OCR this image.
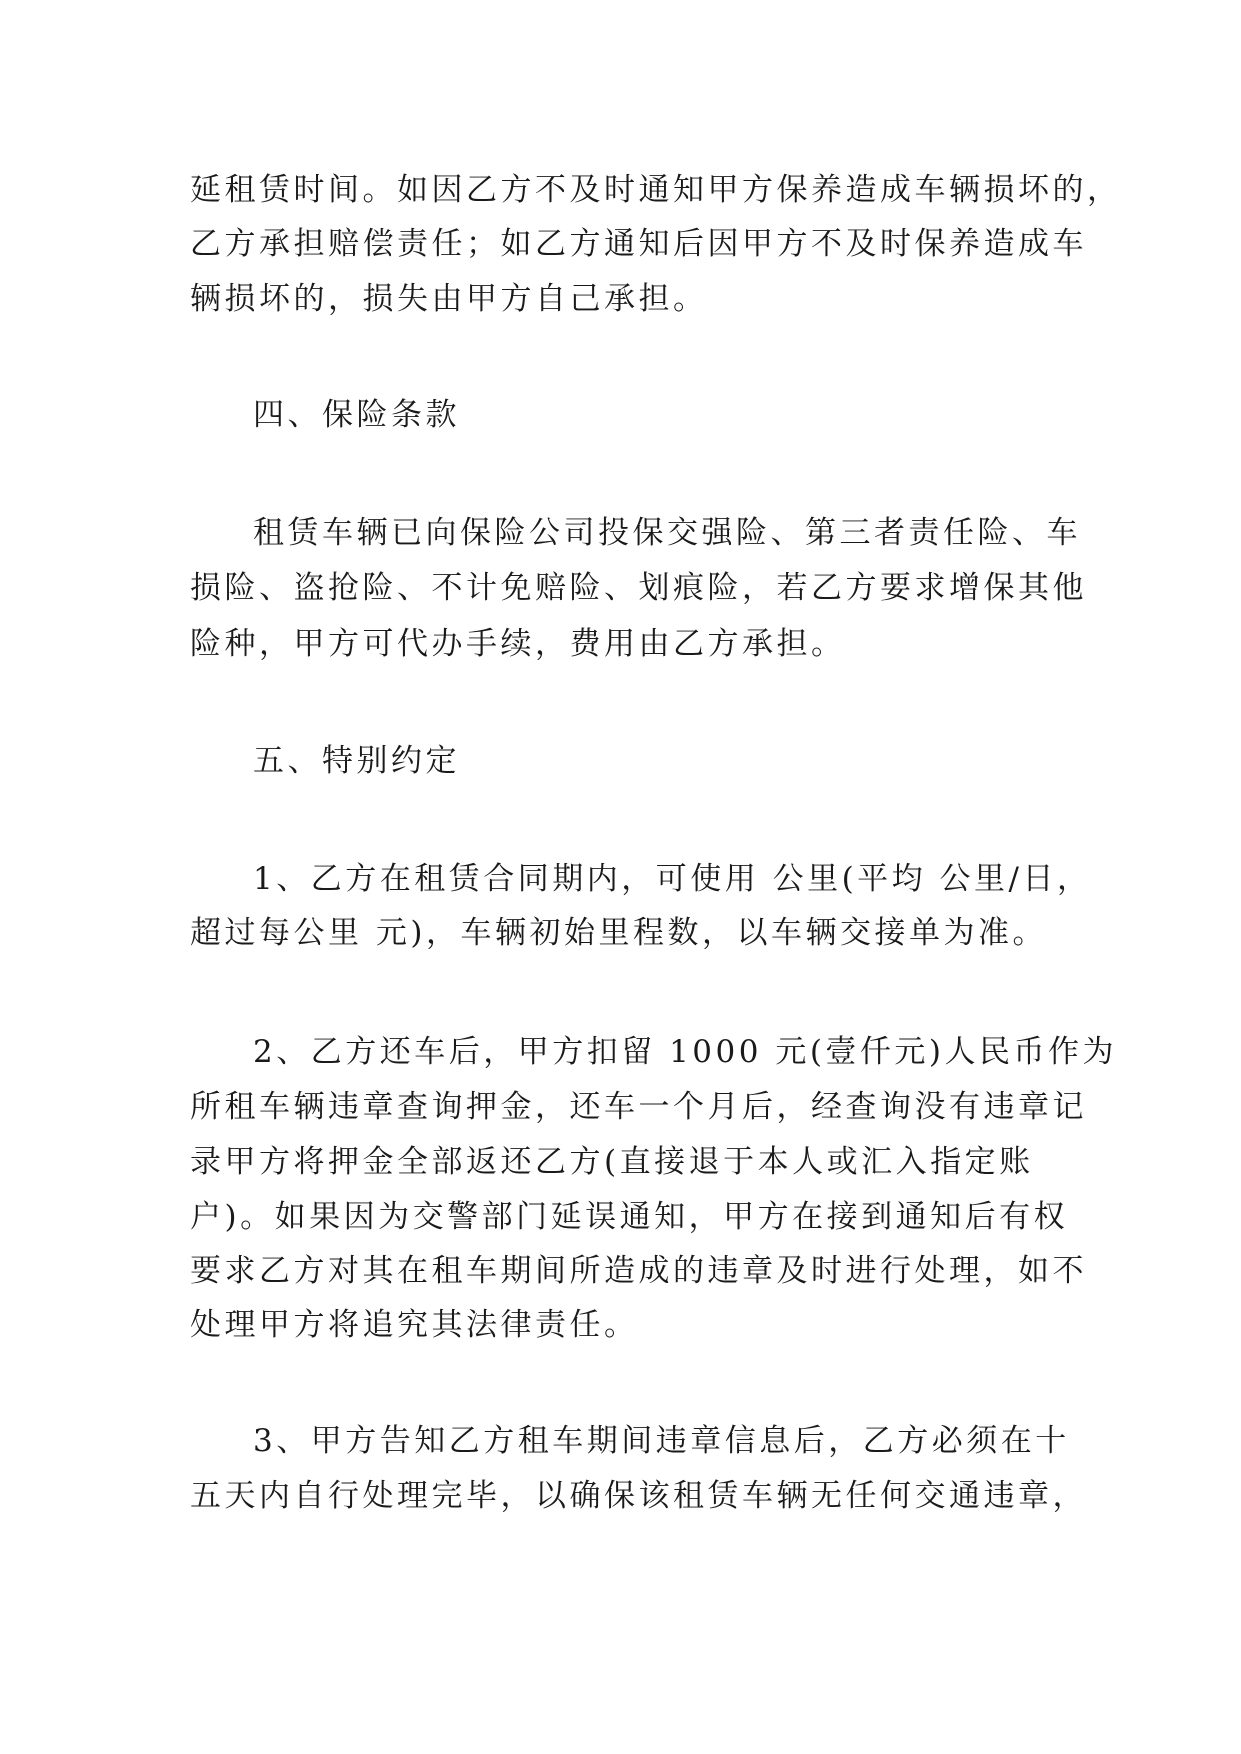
延租赁时间。如因乙方不及时通知甲方保养造成车辆损坏的，
乙方承担赔偿责任；如乙方通知后因甲方不及时保养造成车
辆损坏的，损失由甲方自己承担。
四、保险条款
租赁车辆已向保险公司投保交强险、第三者责任险、车
损险、盗抢险、不计免赔险、划痕险，若乙方要求增保其他
险种，甲方可代办手续，费用由乙方承担。
五、特别约定
1、乙方在租赁合同期内，可使用 公里(平均 公里/日，
超过每公里 元)，车辆初始里程数，以车辆交接单为准。
2、乙方还车后，甲方扣留 1000 元(壹仟元)人民币作为
所租车辆违章查询押金，还车一个月后，经查询没有违章记
录甲方将押金全部返还乙方(直接退于本人或汇入指定账
户)。如果因为交警部门延误通知，甲方在接到通知后有权
要求乙方对其在租车期间所造成的违章及时进行处理，如不
处理甲方将追究其法律责任。
3、甲方告知乙方租车期间违章信息后，乙方必须在十
五天内自行处理完毕，以确保该租赁车辆无任何交通违章，
